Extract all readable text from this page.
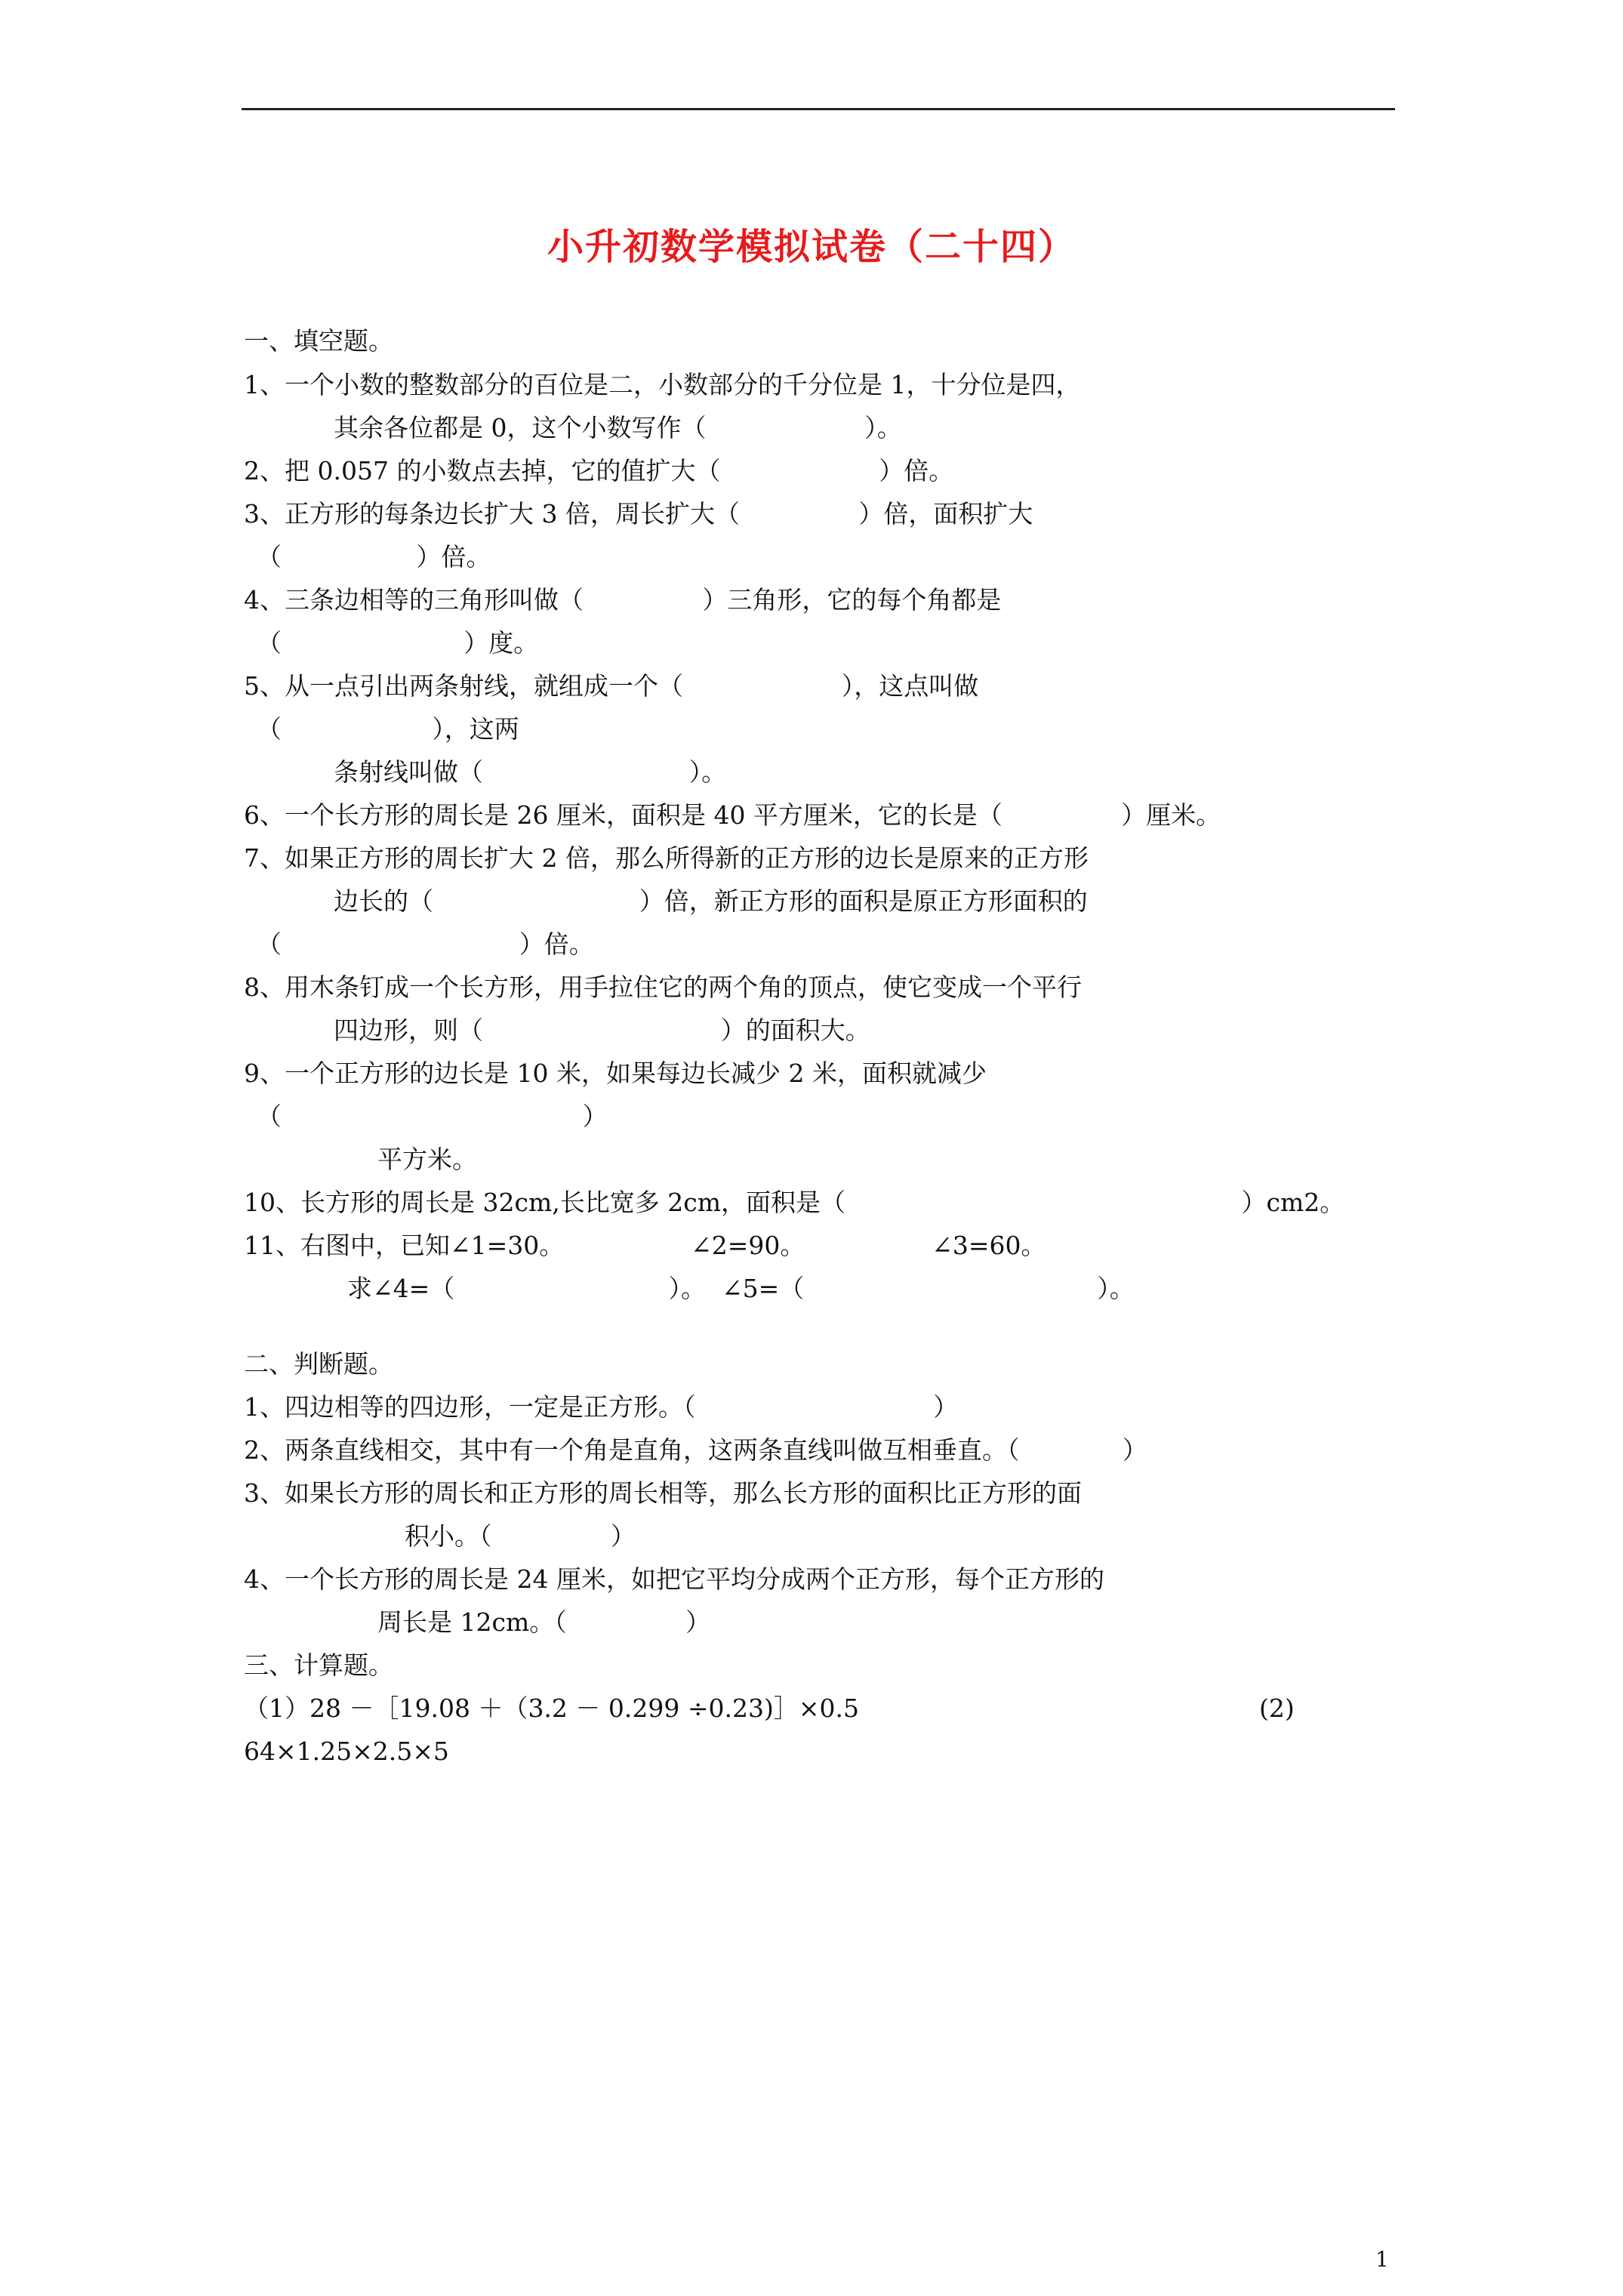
小升初数学模拟试卷（二十四）
一、填空题。
1、一个小数的整数部分的百位是二，小数部分的千分位是 1，十分位是四，
其余各位都是 0，这个小数写作（                    ）。
2、把 0.057 的小数点去掉，它的值扩大（                    ）倍。
3、正方形的每条边长扩大 3 倍，周长扩大（               ）倍，面积扩大
（                 ）倍。
4、三条边相等的三角形叫做（               ）三角形，它的每个角都是
（                       ）度。
5、从一点引出两条射线，就组成一个（                    ），这点叫做
（                   ），这两
条射线叫做（                          ）。
6、一个长方形的周长是 26 厘米，面积是 40 平方厘米，它的长是（               ）厘米。
7、如果正方形的周长扩大 2 倍，那么所得新的正方形的边长是原来的正方形
边长的（                          ）倍，新正方形的面积是原正方形面积的
（                              ）倍。
8、用木条钉成一个长方形，用手拉住它的两个角的顶点，使它变成一个平行
四边形，则（                              ）的面积大。
9、一个正方形的边长是 10 米，如果每边长减少 2 米，面积就减少
（                                      ）
平方米。
10、长方形的周长是 32cm,长比宽多 2cm，面积是（                                                  ）cm2。
11、右图中，已知∠1=30。                ∠2=90。                ∠3=60。
求∠4=（                           ）。  ∠5=（                                     ）。
二、判断题。
1、四边相等的四边形，一定是正方形。（                              ）
2、两条直线相交，其中有一个角是直角，这两条直线叫做互相垂直。（             ）
3、如果长方形的周长和正方形的周长相等，那么长方形的面积比正方形的面
积小。（               ）
4、一个长方形的周长是 24 厘米，如把它平均分成两个正方形，每个正方形的
周长是 12cm。（               ）
三、计算题。
（1）28 －［19.08 ＋（3.2 － 0.299 ÷0.23)］×0.5	(2)
64×1.25×2.5×5
1
